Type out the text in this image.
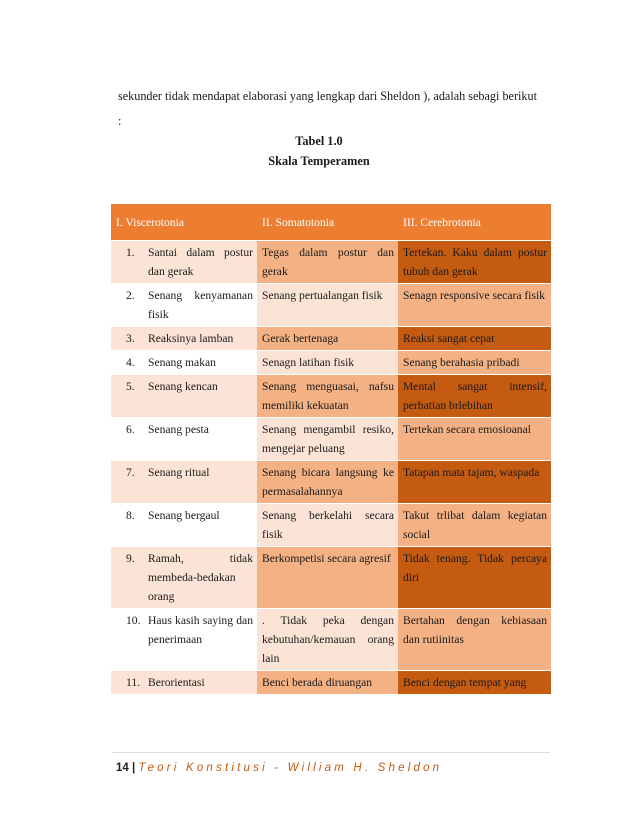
sekunder tidak mendapat elaborasi yang lengkap dari Sheldon ), adalah sebagi berikut
:
Tabel 1.0
Skala Temperamen
I. Viscerotonia	II. Somatotonia	III. Cerebrotonia

1. Santai dalam postur dan gerak	Tegas dalam postur dan gerak	Tertekan. Kaku dalam postur tubuh dan gerak

2. Senang kenyamanan fisik	Senang pertualangan fisik	Senagn responsive secara fisik

3. Reaksinya lamban	Gerak bertenaga	Reaksi sangat cepat

4. Senang makan	Senagn latihan fisik	Senang berahasia pribadi

5. Senang kencan	Senang menguasai, nafsu memiliki kekuatan	Mental sangat intensif, perhatian brlebihan

6. Senang pesta	Senang mengambil resiko, mengejar peluang	Tertekan secara emosioanal

7. Senang ritual	Senang bicara langsung ke permasalahannya	Tatapan mata tajam, waspada

8. Senang bergaul	Senang berkelahi secara fisik	Takut trlibat dalam kegiatan social

9. Ramah, tidak membeda-bedakan orang	Berkompetisi secara agresif	Tidak tenang. Tidak percaya diri

10. Haus kasih saying dan penerimaan	. Tidak peka dengan kebutuhan/kemauan orang lain	Bertahan dengan kebiasaan dan rutiinitas

11. Berorientasi	Benci berada diruangan	Benci dengan tempat yang
14 | Teori Konstitusi - William H. Sheldon
